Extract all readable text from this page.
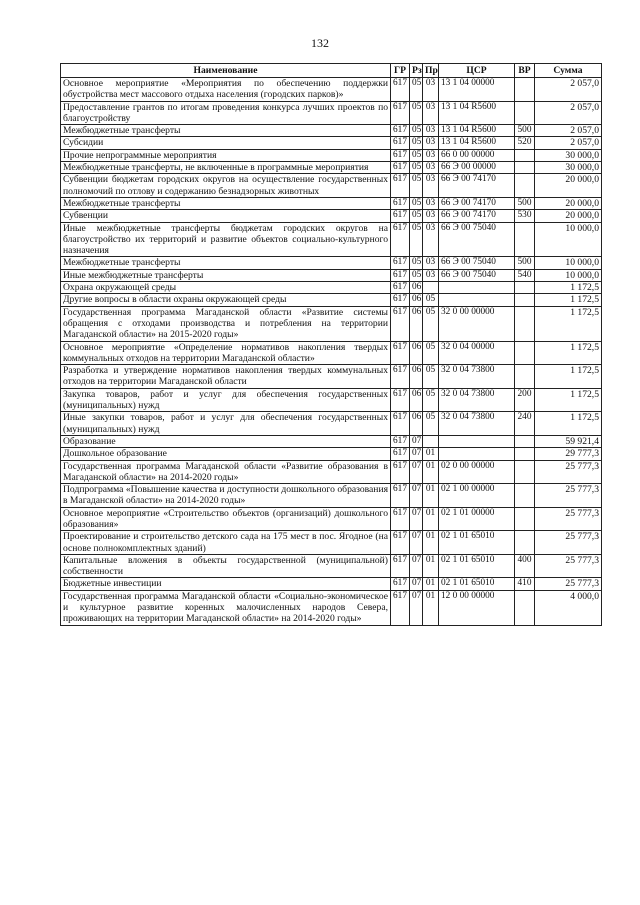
132
Наименование	ГР	Рз	Пр	ЦСР	ВР	Сумма
Основное мероприятие «Мероприятия по обеспечению поддержки обустройства мест массового отдыха населения (городских парков)»	617	05	03	13 1 04 00000		2 057,0
Предоставление грантов по итогам проведения конкурса лучших проектов по благоустройству	617	05	03	13 1 04 R5600		2 057,0
Межбюджетные трансферты	617	05	03	13 1 04 R5600	500	2 057,0
Субсидии	617	05	03	13 1 04 R5600	520	2 057,0
Прочие непрограммные мероприятия	617	05	03	66 0 00 00000		30 000,0
Межбюджетные трансферты, не включенные в программные мероприятия	617	05	03	66 Э 00 00000		30 000,0
Субвенции бюджетам городских округов на осуществление государственных полномочий по отлову и содержанию безнадзорных животных	617	05	03	66 Э 00 74170		20 000,0
Межбюджетные трансферты	617	05	03	66 Э 00 74170	500	20 000,0
Субвенции	617	05	03	66 Э 00 74170	530	20 000,0
Иные межбюджетные трансферты бюджетам городских округов на благоустройство их территорий и развитие объектов социально-культурного назначения	617	05	03	66 Э 00 75040		10 000,0
Межбюджетные трансферты	617	05	03	66 Э 00 75040	500	10 000,0
Иные межбюджетные трансферты	617	05	03	66 Э 00 75040	540	10 000,0
Охрана окружающей среды	617	06				1 172,5
Другие вопросы в области охраны окружающей среды	617	06	05			1 172,5
Государственная программа Магаданской области «Развитие системы обращения с отходами производства и потребления на территории Магаданской области» на 2015-2020 годы»	617	06	05	32 0 00 00000		1 172,5
Основное мероприятие «Определение нормативов накопления твердых коммунальных отходов на территории Магаданской области»	617	06	05	32 0 04 00000		1 172,5
Разработка и утверждение нормативов накопления твердых коммунальных отходов на территории Магаданской области	617	06	05	32 0 04 73800		1 172,5
Закупка товаров, работ и услуг для обеспечения государственных (муниципальных) нужд	617	06	05	32 0 04 73800	200	1 172,5
Иные закупки товаров, работ и услуг для обеспечения государственных (муниципальных) нужд	617	06	05	32 0 04 73800	240	1 172,5
Образование	617	07				59 921,4
Дошкольное образование	617	07	01			29 777,3
Государственная программа Магаданской области «Развитие образования в Магаданской области» на 2014-2020 годы»	617	07	01	02 0 00 00000		25 777,3
Подпрограмма «Повышение качества и доступности дошкольного образования в Магаданской области» на 2014-2020 годы»	617	07	01	02 1 00 00000		25 777,3
Основное мероприятие «Строительство объектов (организаций) дошкольного образования»	617	07	01	02 1 01 00000		25 777,3
Проектирование и строительство детского сада на 175 мест в пос. Ягодное (на основе полнокомплектных зданий)	617	07	01	02 1 01 65010		25 777,3
Капитальные вложения в объекты государственной (муниципальной) собственности	617	07	01	02 1 01 65010	400	25 777,3
Бюджетные инвестиции	617	07	01	02 1 01 65010	410	25 777,3
Государственная программа Магаданской области «Социально-экономическое и культурное развитие коренных малочисленных народов Севера, проживающих на территории Магаданской области» на 2014-2020 годы»	617	07	01	12 0 00 00000		4 000,0
